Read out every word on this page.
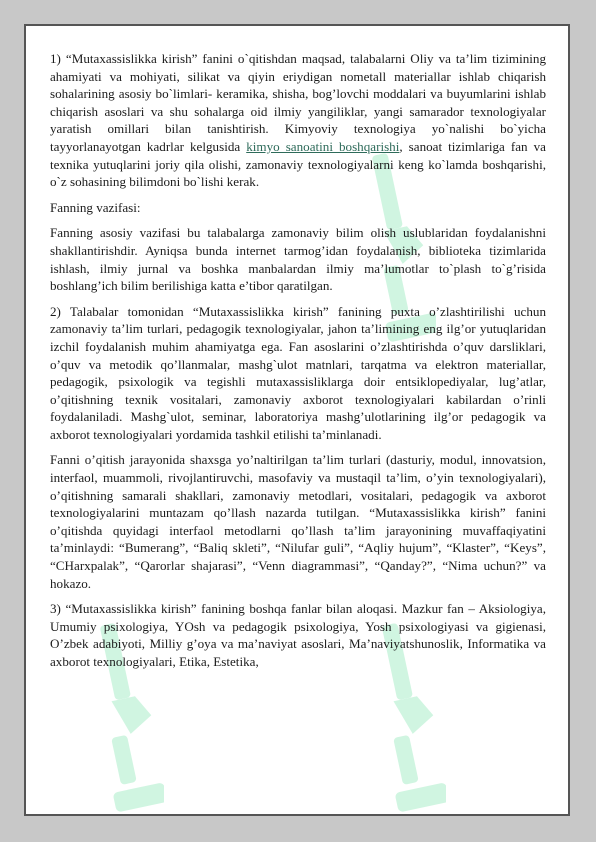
1) “Mutaxassislikka kirish” fanini o`qitishdan maqsad, talabalarni Oliy va ta’lim tizimining ahamiyati va mohiyati, silikat va qiyin eriydigan nometall materiallar ishlab chiqarish sohalarining asosiy bo`limlari- keramika, shisha, bog’lovchi moddalari va buyumlarini ishlab chiqarish asoslari va shu sohalarga oid ilmiy yangiliklar, yangi samarador texnologiyalar yaratish omillari bilan tanishtirish. Kimyoviy texnologiya yo`nalishi bo`yicha tayyorlanayotgan kadrlar kelgusida kimyo sanoatini boshqarishi, sanoat tizimlariga fan va texnika yutuqlarini joriy qila olishi, zamonaviy texnologiyalarni keng ko`lamda boshqarishi, o`z sohasining bilimdoni bo`lishi kerak.

Fanning vazifasi:

Fanning asosiy vazifasi bu talabalarga zamonaviy bilim olish uslublaridan foydalanishni shakllantirishdir. Ayniqsa bunda internet tarmog’idan foydalanish, biblioteka tizimlarida ishlash, ilmiy jurnal va boshka manbalardan ilmiy ma’lumotlar to`plash to`g’risida boshlang’ich bilim berilishiga katta e’tibor qaratilgan.

2) Talabalar tomonidan “Mutaxassislikka kirish” fanining puxta o’zlashtirilishi uchun zamonaviy ta’lim turlari, pedagogik texnologiyalar, jahon ta’limining eng ilg’or yutuqlaridan izchil foydalanish muhim ahamiyatga ega. Fan asoslarini o’zlashtirishda o’quv darsliklari, o’quv va metodik qo’llanmalar, mashg`ulot matnlari, tarqatma va elektron materiallar, pedagogik, psixologik va tegishli mutaxassisliklarga doir entsiklopediyalar, lug’atlar, o’qitishning texnik vositalari, zamonaviy axborot texnologiyalari kabilardan o’rinli foydalaniladi. Mashg`ulot, seminar, laboratoriya mashg’ulotlarining ilg’or pedagogik va axborot texnologiyalari yordamida tashkil etilishi ta’minlanadi.

Fanni o’qitish jarayonida shaxsga yo’naltirilgan ta’lim turlari (dasturiy, modul, innovatsion, interfaol, muammoli, rivojlantiruvchi, masofaviy va mustaqil ta’lim, o’yin texnologiyalari), o’qitishning samarali shakllari, zamonaviy metodlari, vositalari, pedagogik va axborot texnologiyalarini muntazam qo’llash nazarda tutilgan. “Mutaxassislikka kirish” fanini o’qitishda quyidagi interfaol metodlarni qo’llash ta’lim jarayonining muvaffaqiyatini ta’minlaydi: “Bumerang”, “Baliq skleti”, “Nilufar guli”, “Aqliy hujum”, “Klaster”, “Keys”, “CHarxpalak”, “Qarorlar shajarasi”, “Venn diagrammasi”, “Qanday?”, “Nima uchun?” va hokazo.

3) “Mutaxassislikka kirish” fanining boshqa fanlar bilan aloqasi. Mazkur fan – Aksiologiya, Umumiy psixologiya, YOsh va pedagogik psixologiya, Yosh psixologiyasi va gigienasi, O’zbek adabiyoti, Milliy g’oya va ma’naviyat asoslari, Ma’naviyatshunoslik, Informatika va axborot texnologiyalari, Etika, Estetika,
